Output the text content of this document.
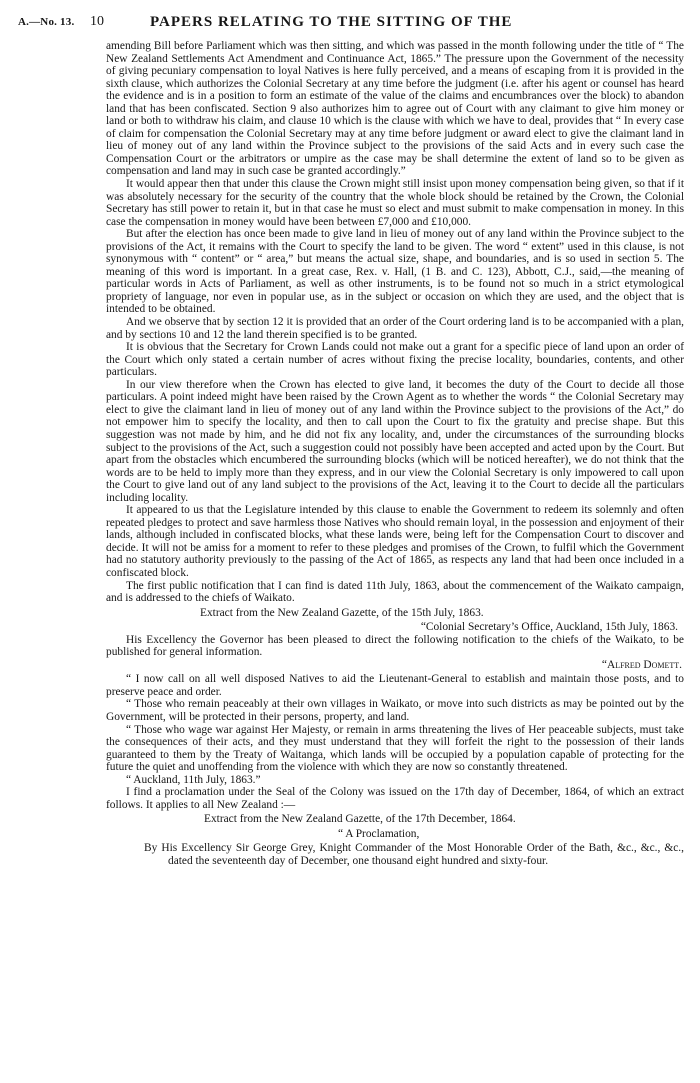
A.—No. 13. 10	PAPERS RELATING TO THE SITTING OF THE

amending Bill before Parliament which was then sitting, and which was passed in the month following under the title of “ The New Zealand Settlements Act Amendment and Continuance Act, 1865.” The pressure upon the Government of the necessity of giving pecuniary compensation to loyal Natives is here fully perceived, and a means of escaping from it is provided in the sixth clause, which authorizes the Colonial Secretary at any time before the judgment (i.e. after his agent or counsel has heard the evidence and is in a position to form an estimate of the value of the claims and encumbrances over the block) to abandon land that has been confiscated. Section 9 also authorizes him to agree out of Court with any claimant to give him money or land or both to withdraw his claim, and clause 10 which is the clause with which we have to deal, provides that “ In every case of claim for compensation the Colonial Secretary may at any time before judgment or award elect to give the claimant land in lieu of money out of any land within the Province subject to the provisions of the said Acts and in every such case the Compensation Court or the arbitrators or umpire as the case may be shall determine the extent of land so to be given as compensation and land may in such case be granted accordingly.”

It would appear then that under this clause the Crown might still insist upon money compensation being given, so that if it was absolutely necessary for the security of the country that the whole block should be retained by the Crown, the Colonial Secretary has still power to retain it, but in that case he must so elect and must submit to make compensation in money. In this case the compensation in money would have been between £7,000 and £10,000.

But after the election has once been made to give land in lieu of money out of any land within the Province subject to the provisions of the Act, it remains with the Court to specify the land to be given. The word “ extent” used in this clause, is not synonymous with “ content” or “ area,” but means the actual size, shape, and boundaries, and is so used in section 5. The meaning of this word is important. In a great case, Rex. v. Hall, (1 B. and C. 123), Abbott, C.J., said,—the meaning of particular words in Acts of Parliament, as well as other instruments, is to be found not so much in a strict etymological propriety of language, nor even in popular use, as in the subject or occasion on which they are used, and the object that is intended to be obtained.

And we observe that by section 12 it is provided that an order of the Court ordering land is to be accompanied with a plan, and by sections 10 and 12 the land therein specified is to be granted.

It is obvious that the Secretary for Crown Lands could not make out a grant for a specific piece of land upon an order of the Court which only stated a certain number of acres without fixing the precise locality, boundaries, contents, and other particulars.

In our view therefore when the Crown has elected to give land, it becomes the duty of the Court to decide all those particulars. A point indeed might have been raised by the Crown Agent as to whether the words “ the Colonial Secretary may elect to give the claimant land in lieu of money out of any land within the Province subject to the provisions of the Act,” do not empower him to specify the locality, and then to call upon the Court to fix the gratuity and precise shape. But this suggestion was not made by him, and he did not fix any locality, and, under the circumstances of the surrounding blocks subject to the provisions of the Act, such a suggestion could not possibly have been accepted and acted upon by the Court. But apart from the obstacles which encumbered the surrounding blocks (which will be noticed hereafter), we do not think that the words are to be held to imply more than they express, and in our view the Colonial Secretary is only impowered to call upon the Court to give land out of any land subject to the provisions of the Act, leaving it to the Court to decide all the particulars including locality.

It appeared to us that the Legislature intended by this clause to enable the Government to redeem its solemnly and often repeated pledges to protect and save harmless those Natives who should remain loyal, in the possession and enjoyment of their lands, although included in confiscated blocks, what these lands were, being left for the Compensation Court to discover and decide. It will not be amiss for a moment to refer to these pledges and promises of the Crown, to fulfil which the Government had no statutory authority previously to the passing of the Act of 1865, as respects any land that had been once included in a confiscated block.

The first public notification that I can find is dated 11th July, 1863, about the commencement of the Waikato campaign, and is addressed to the chiefs of Waikato.

Extract from the New Zealand Gazette, of the 15th July, 1863.

“Colonial Secretary’s Office, Auckland, 15th July, 1863.

His Excellency the Governor has been pleased to direct the following notification to the chiefs of the Waikato, to be published for general information.

“Alfred Domett.

“ I now call on all well disposed Natives to aid the Lieutenant-General to establish and maintain those posts, and to preserve peace and order.

“ Those who remain peaceably at their own villages in Waikato, or move into such districts as may be pointed out by the Government, will be protected in their persons, property, and land.

“ Those who wage war against Her Majesty, or remain in arms threatening the lives of Her peaceable subjects, must take the consequences of their acts, and they must understand that they will forfeit the right to the possession of their lands guaranteed to them by the Treaty of Waitanga, which lands will be occupied by a population capable of protecting for the future the quiet and unoffending from the violence with which they are now so constantly threatened.

“ Auckland, 11th July, 1863.”

I find a proclamation under the Seal of the Colony was issued on the 17th day of December, 1864, of which an extract follows. It applies to all New Zealand :—

Extract from the New Zealand Gazette, of the 17th December, 1864.

“ A Proclamation,

By His Excellency Sir George Grey, Knight Commander of the Most Honorable Order of the Bath, &c., &c., &c., dated the seventeenth day of December, one thousand eight hundred and sixty-four.
